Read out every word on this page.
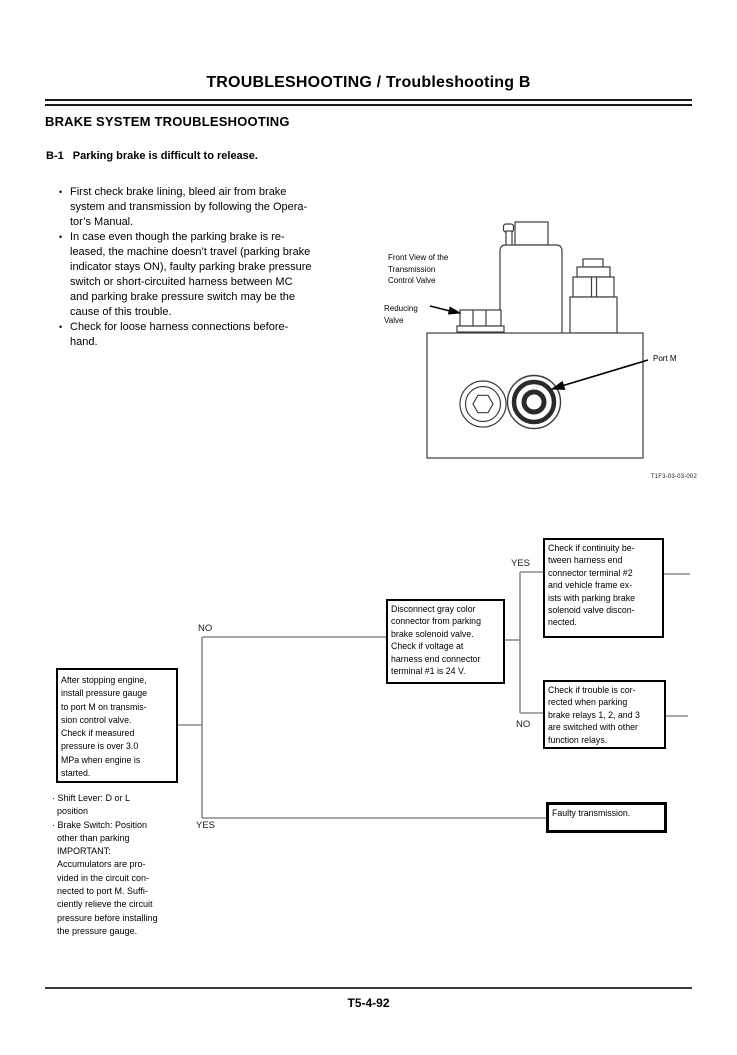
TROUBLESHOOTING / Troubleshooting B
BRAKE SYSTEM TROUBLESHOOTING
B-1 Parking brake is difficult to release.
• First check brake lining, bleed air from brake
system and transmission by following the Opera-
tor’s Manual.
• In case even though the parking brake is re-
leased, the machine doesn’t travel (parking brake
indicator stays ON), faulty parking brake pressure
switch or short-circuited harness between MC
and parking brake pressure switch may be the
cause of this trouble.
• Check for loose harness connections before-
hand.
Front View of the
Transmission
Control Valve
Reducing
Valve
Port M
T1F3-03-03-002
After stopping engine,
install pressure gauge
to port M on transmis-
sion control valve.
Check if measured
pressure is over 3.0
MPa when engine is
started.
NO
YES
Disconnect gray color
connector from parking
brake solenoid valve.
Check if voltage at
harness end connector
terminal #1 is 24 V.
YES
NO
Check if continuity be-
tween harness end
connector terminal #2
and vehicle frame ex-
ists with parking brake
solenoid valve discon-
nected.
Check if trouble is cor-
rected when parking
brake relays 1, 2, and 3
are switched with other
function relays.
Faulty transmission.
· Shift Lever: D or L
position
· Brake Switch: Position
other than parking
IMPORTANT:
Accumulators are pro-
vided in the circuit con-
nected to port M. Suffi-
ciently relieve the circuit
pressure before installing
the pressure gauge.
T5-4-92
